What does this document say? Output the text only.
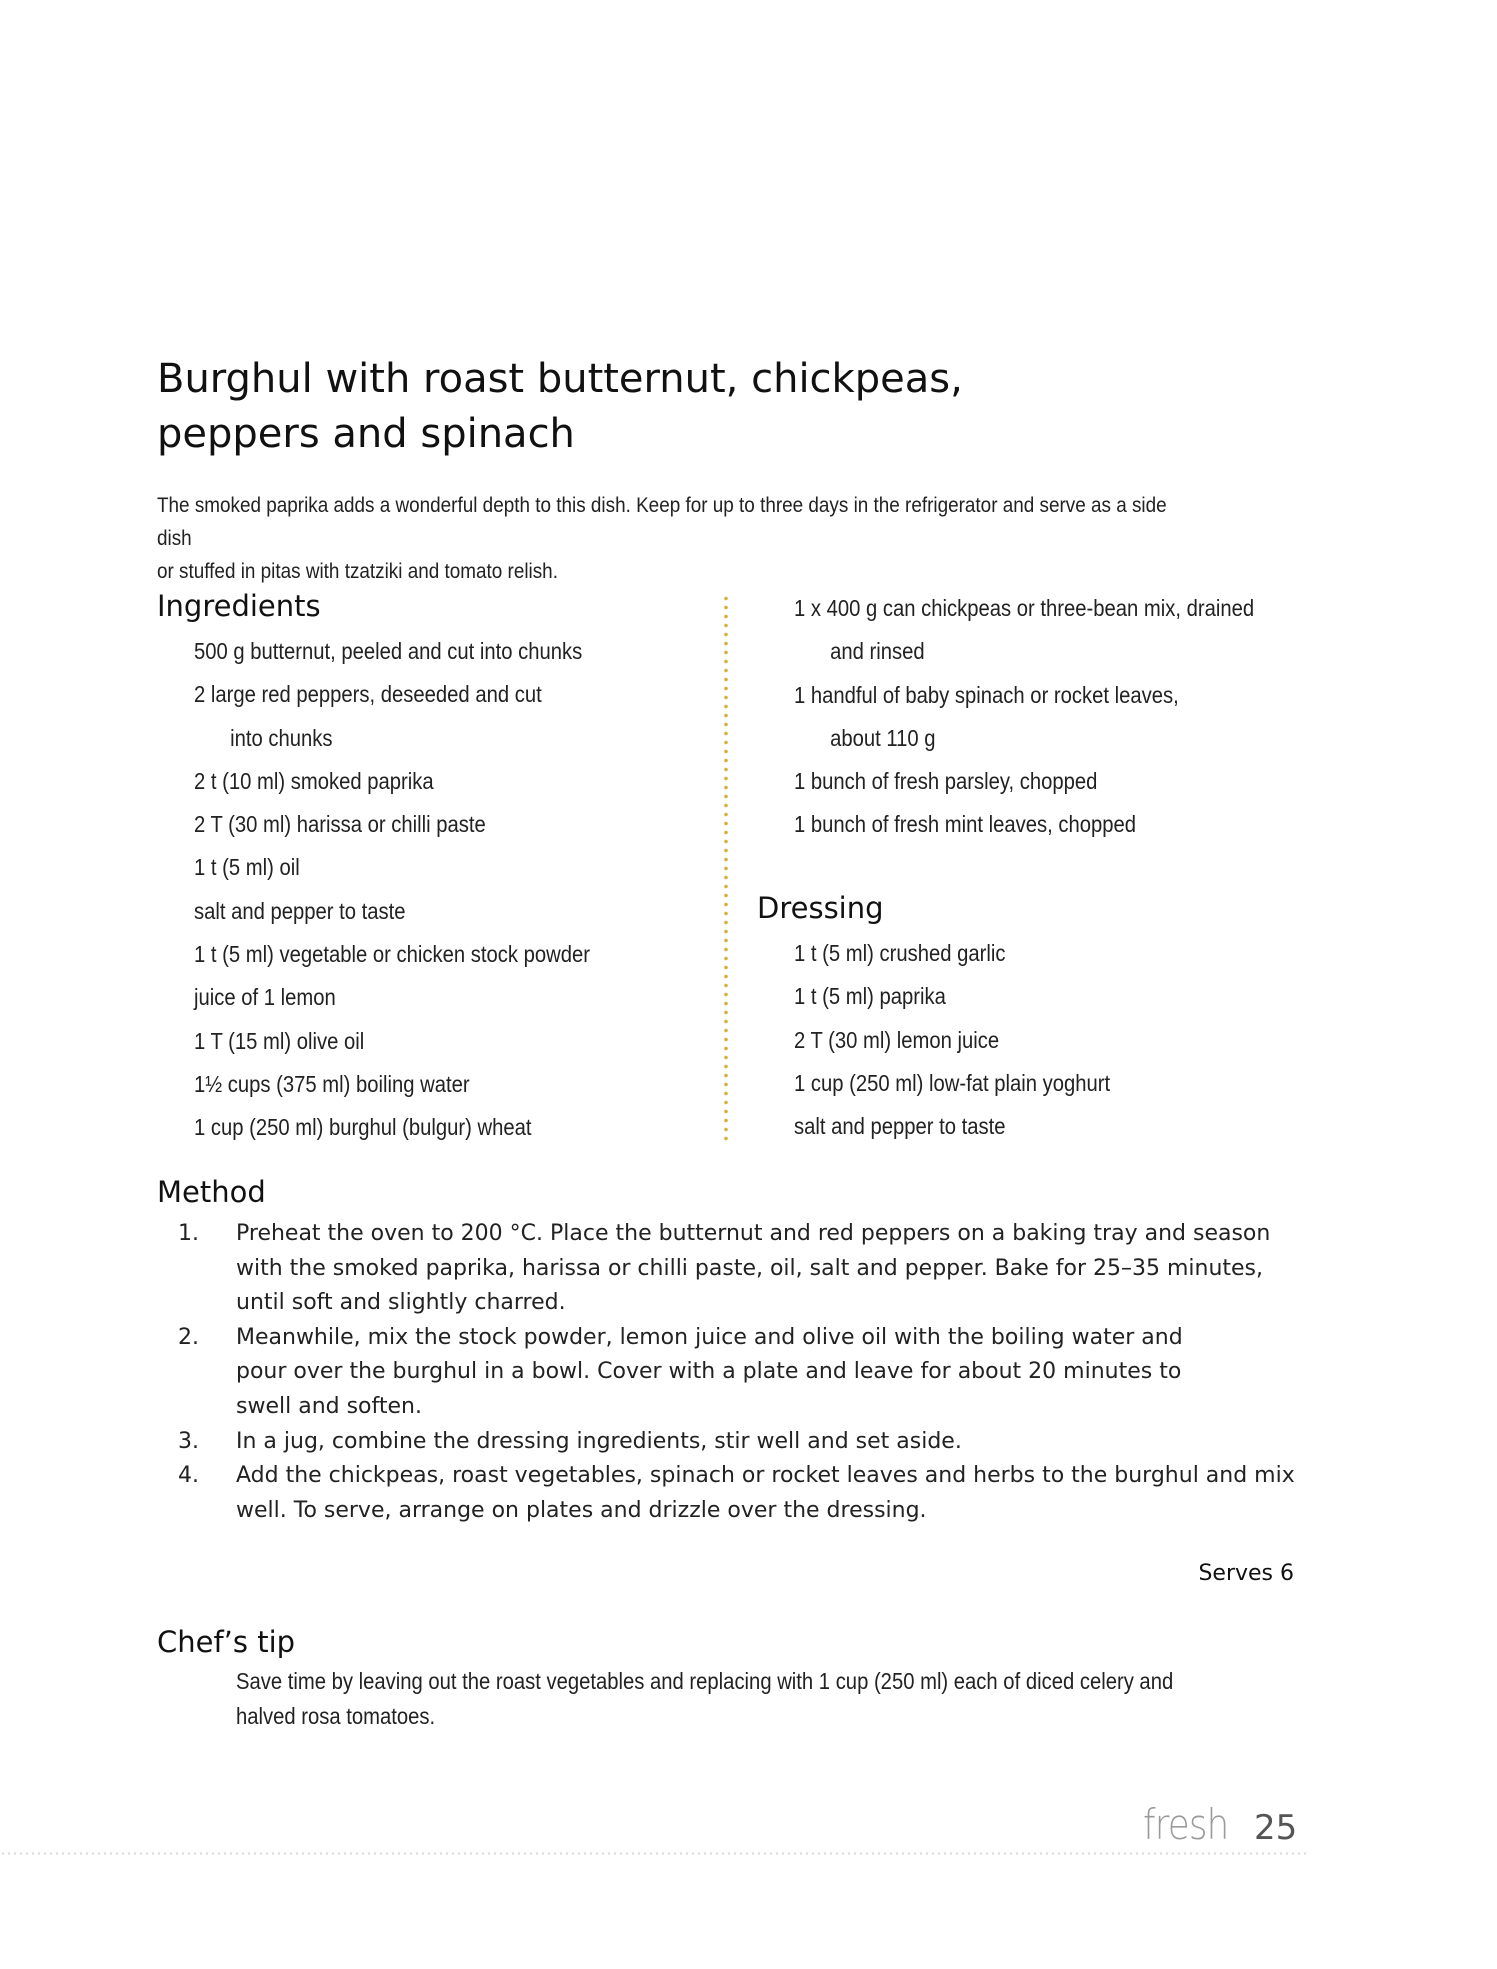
Burghul with roast butternut, chickpeas,
peppers and spinach
The smoked paprika adds a wonderful depth to this dish. Keep for up to three days in the refrigerator and serve as a side dish
or stuffed in pitas with tzatziki and tomato relish.
Ingredients
500 g butternut, peeled and cut into chunks
2 large red peppers, deseeded and cut
into chunks
2 t (10 ml) smoked paprika
2 T (30 ml) harissa or chilli paste
1 t (5 ml) oil
salt and pepper to taste
1 t (5 ml) vegetable or chicken stock powder
juice of 1 lemon
1 T (15 ml) olive oil
1½ cups (375 ml) boiling water
1 cup (250 ml) burghul (bulgur) wheat
1 x 400 g can chickpeas or three-bean mix, drained
and rinsed
1 handful of baby spinach or rocket leaves,
about 110 g
1 bunch of fresh parsley, chopped
1 bunch of fresh mint leaves, chopped
Dressing
1 t (5 ml) crushed garlic
1 t (5 ml) paprika
2 T (30 ml) lemon juice
1 cup (250 ml) low-fat plain yoghurt
salt and pepper to taste
Method
1. Preheat the oven to 200 °C. Place the butternut and red peppers on a baking tray and season
with the smoked paprika, harissa or chilli paste, oil, salt and pepper. Bake for 25–35 minutes,
until soft and slightly charred.
2. Meanwhile, mix the stock powder, lemon juice and olive oil with the boiling water and
pour over the burghul in a bowl. Cover with a plate and leave for about 20 minutes to
swell and soften.
3. In a jug, combine the dressing ingredients, stir well and set aside.
4. Add the chickpeas, roast vegetables, spinach or rocket leaves and herbs to the burghul and mix
well. To serve, arrange on plates and drizzle over the dressing.
Serves 6
Chef’s tip
Save time by leaving out the roast vegetables and replacing with 1 cup (250 ml) each of diced celery and
halved rosa tomatoes.
fresh 25
